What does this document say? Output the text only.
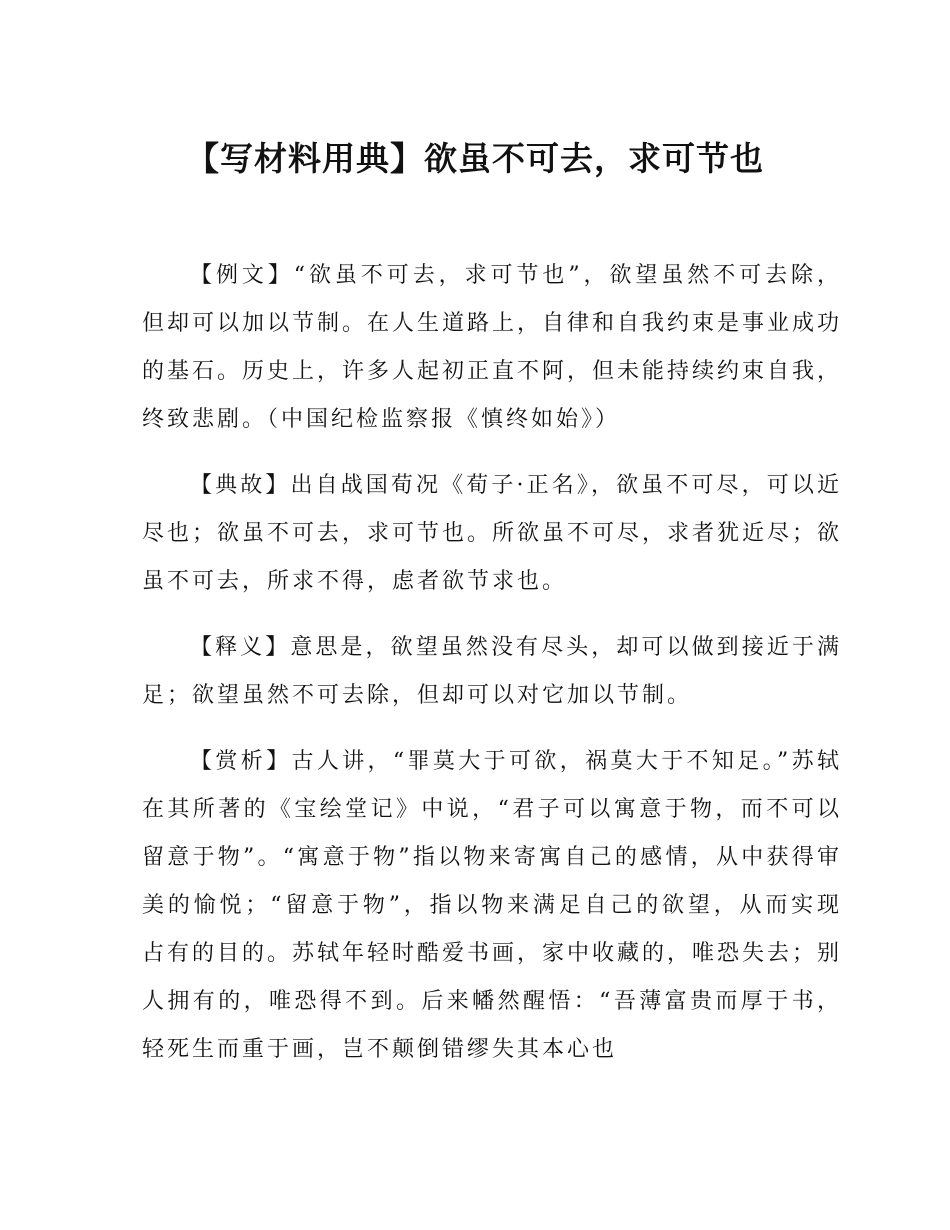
【写材料用典】欲虽不可去，求可节也

【例文】“欲虽不可去，求可节也”，欲望虽然不可去除，但却可以加以节制。在人生道路上，自律和自我约束是事业成功的基石。历史上，许多人起初正直不阿，但未能持续约束自我，终致悲剧。（中国纪检监察报《慎终如始》）

【典故】出自战国荀况《荀子·正名》，欲虽不可尽，可以近尽也；欲虽不可去，求可节也。所欲虽不可尽，求者犹近尽；欲虽不可去，所求不得，虑者欲节求也。

【释义】意思是，欲望虽然没有尽头，却可以做到接近于满足；欲望虽然不可去除，但却可以对它加以节制。

【赏析】古人讲，“罪莫大于可欲，祸莫大于不知足。”苏轼在其所著的《宝绘堂记》中说，“君子可以寓意于物，而不可以留意于物”。“寓意于物”指以物来寄寓自己的感情，从中获得审美的愉悦；“留意于物”，指以物来满足自己的欲望，从而实现占有的目的。苏轼年轻时酷爱书画，家中收藏的，唯恐失去；别人拥有的，唯恐得不到。后来幡然醒悟：“吾薄富贵而厚于书，轻死生而重于画，岂不颠倒错缪失其本心也
